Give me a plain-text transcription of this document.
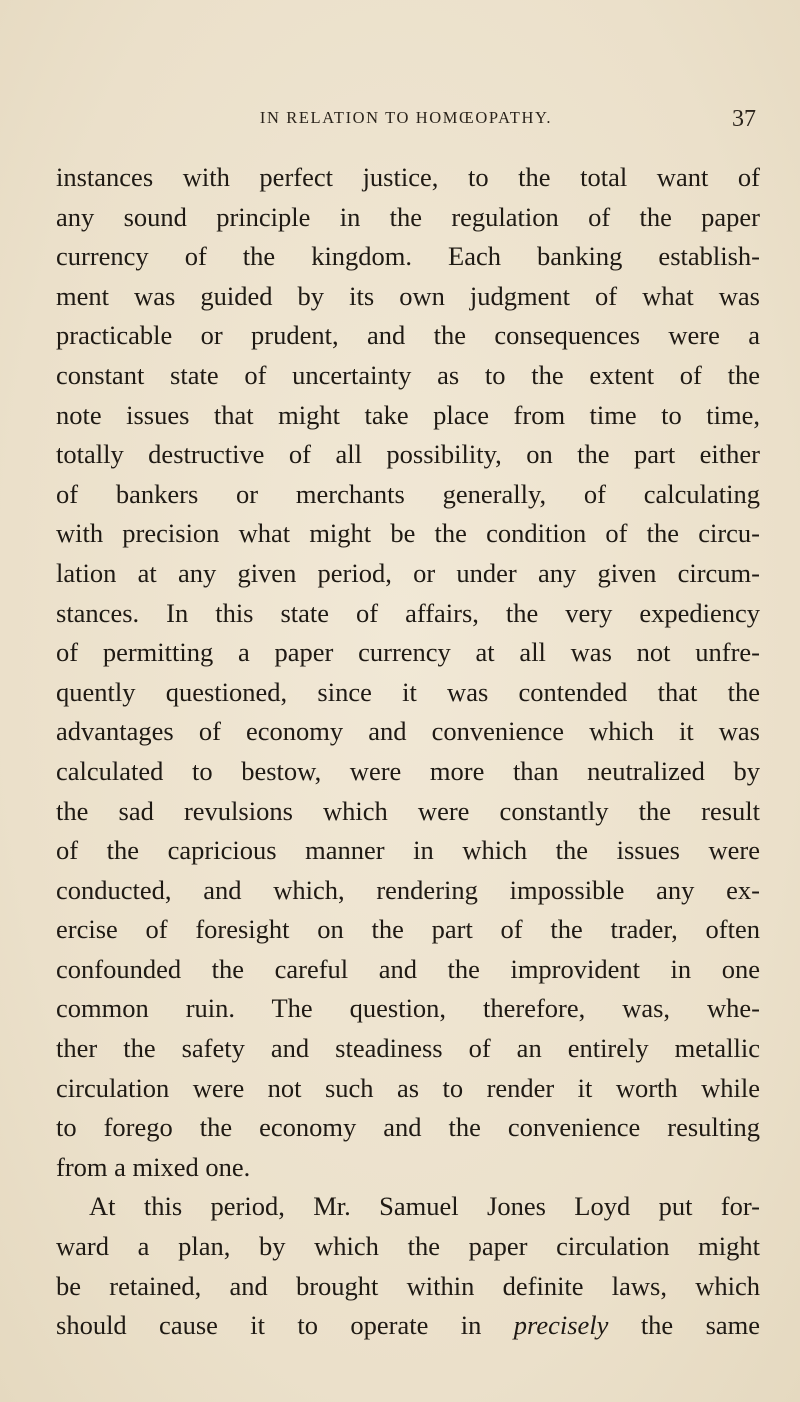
IN RELATION TO HOMŒOPATHY.	37
instances with perfect justice, to the total want of
any sound principle in the regulation of the paper
currency of the kingdom. Each banking establish-
ment was guided by its own judgment of what was
practicable or prudent, and the consequences were a
constant state of uncertainty as to the extent of the
note issues that might take place from time to time,
totally destructive of all possibility, on the part either
of bankers or merchants generally, of calculating
with precision what might be the condition of the circu-
lation at any given period, or under any given circum-
stances. In this state of affairs, the very expediency
of permitting a paper currency at all was not unfre-
quently questioned, since it was contended that the
advantages of economy and convenience which it was
calculated to bestow, were more than neutralized by
the sad revulsions which were constantly the result
of the capricious manner in which the issues were
conducted, and which, rendering impossible any ex-
ercise of foresight on the part of the trader, often
confounded the careful and the improvident in one
common ruin. The question, therefore, was, whe-
ther the safety and steadiness of an entirely metallic
circulation were not such as to render it worth while
to forego the economy and the convenience resulting
from a mixed one.
At this period, Mr. Samuel Jones Loyd put for-
ward a plan, by which the paper circulation might
be retained, and brought within definite laws, which
should cause it to operate in precisely the same
